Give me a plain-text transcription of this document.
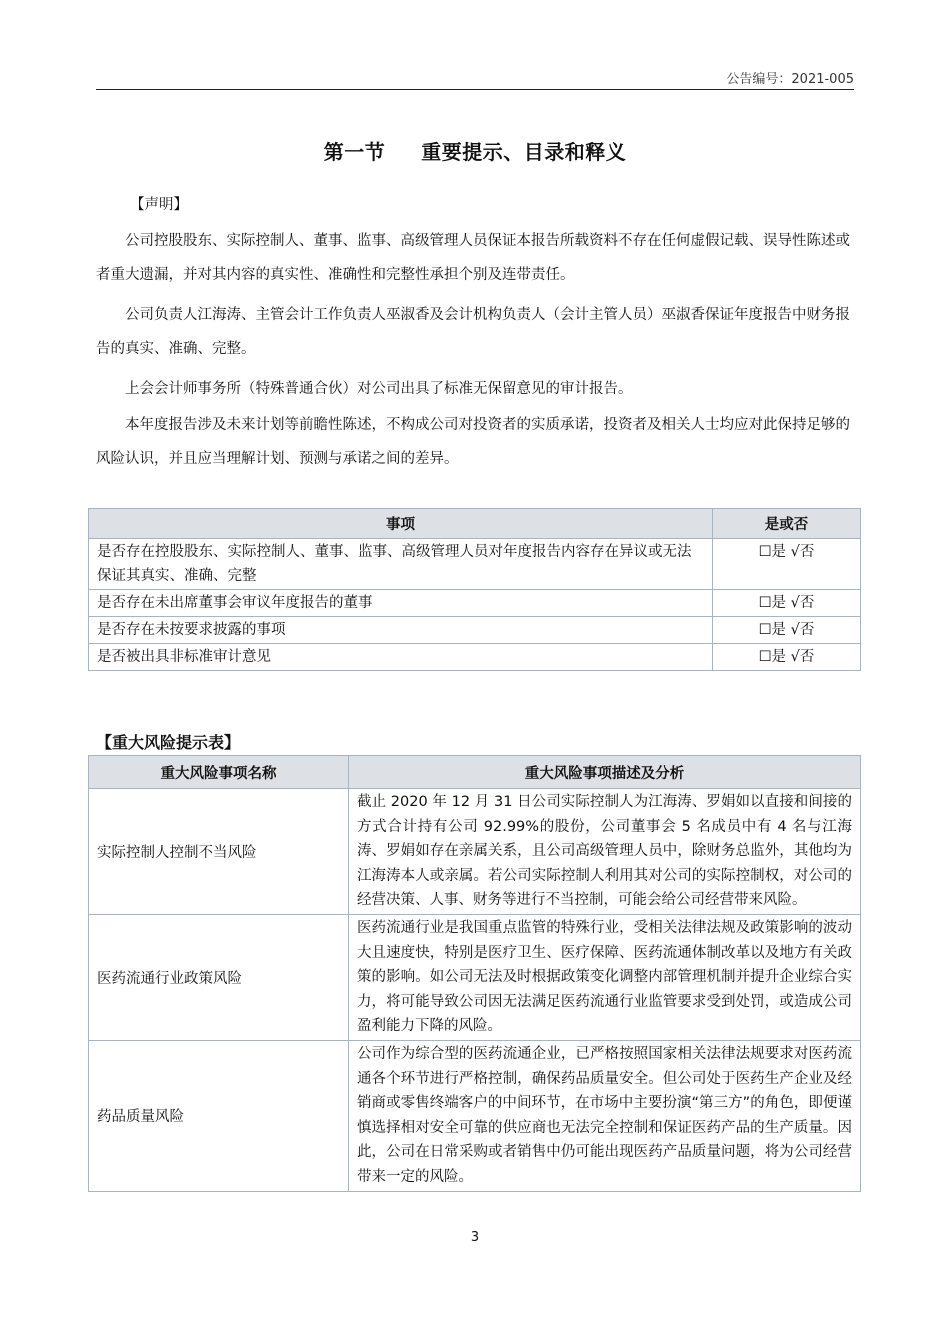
公告编号：2021-005
第一节 重要提示、目录和释义
【声明】
公司控股股东、实际控制人、董事、监事、高级管理人员保证本报告所载资料不存在任何虚假记载、误导性陈述或者重大遗漏，并对其内容的真实性、准确性和完整性承担个别及连带责任。
公司负责人江海涛、主管会计工作负责人巫淑香及会计机构负责人（会计主管人员）巫淑香保证年度报告中财务报告的真实、准确、完整。
上会会计师事务所（特殊普通合伙）对公司出具了标准无保留意见的审计报告。
本年度报告涉及未来计划等前瞻性陈述，不构成公司对投资者的实质承诺，投资者及相关人士均应对此保持足够的风险认识，并且应当理解计划、预测与承诺之间的差异。
事项	是或否
是否存在控股股东、实际控制人、董事、监事、高级管理人员对年度报告内容存在异议或无法保证其真实、准确、完整	☐是 √否
是否存在未出席董事会审议年度报告的董事	☐是 √否
是否存在未按要求披露的事项	☐是 √否
是否被出具非标准审计意见	☐是 √否
【重大风险提示表】
重大风险事项名称	重大风险事项描述及分析
实际控制人控制不当风险	截止 2020 年 12 月 31 日公司实际控制人为江海涛、罗娟如以直接和间接的方式合计持有公司 92.99%的股份，公司董事会 5 名成员中有 4 名与江海涛、罗娟如存在亲属关系，且公司高级管理人员中，除财务总监外，其他均为江海涛本人或亲属。若公司实际控制人利用其对公司的实际控制权，对公司的经营决策、人事、财务等进行不当控制，可能会给公司经营带来风险。
医药流通行业政策风险	医药流通行业是我国重点监管的特殊行业，受相关法律法规及政策影响的波动大且速度快，特别是医疗卫生、医疗保障、医药流通体制改革以及地方有关政策的影响。如公司无法及时根据政策变化调整内部管理机制并提升企业综合实力，将可能导致公司因无法满足医药流通行业监管要求受到处罚，或造成公司盈利能力下降的风险。
药品质量风险	公司作为综合型的医药流通企业，已严格按照国家相关法律法规要求对医药流通各个环节进行严格控制，确保药品质量安全。但公司处于医药生产企业及经销商或零售终端客户的中间环节，在市场中主要扮演“第三方”的角色，即便谨慎选择相对安全可靠的供应商也无法完全控制和保证医药产品的生产质量。因此，公司在日常采购或者销售中仍可能出现医药产品质量问题，将为公司经营带来一定的风险。
3
